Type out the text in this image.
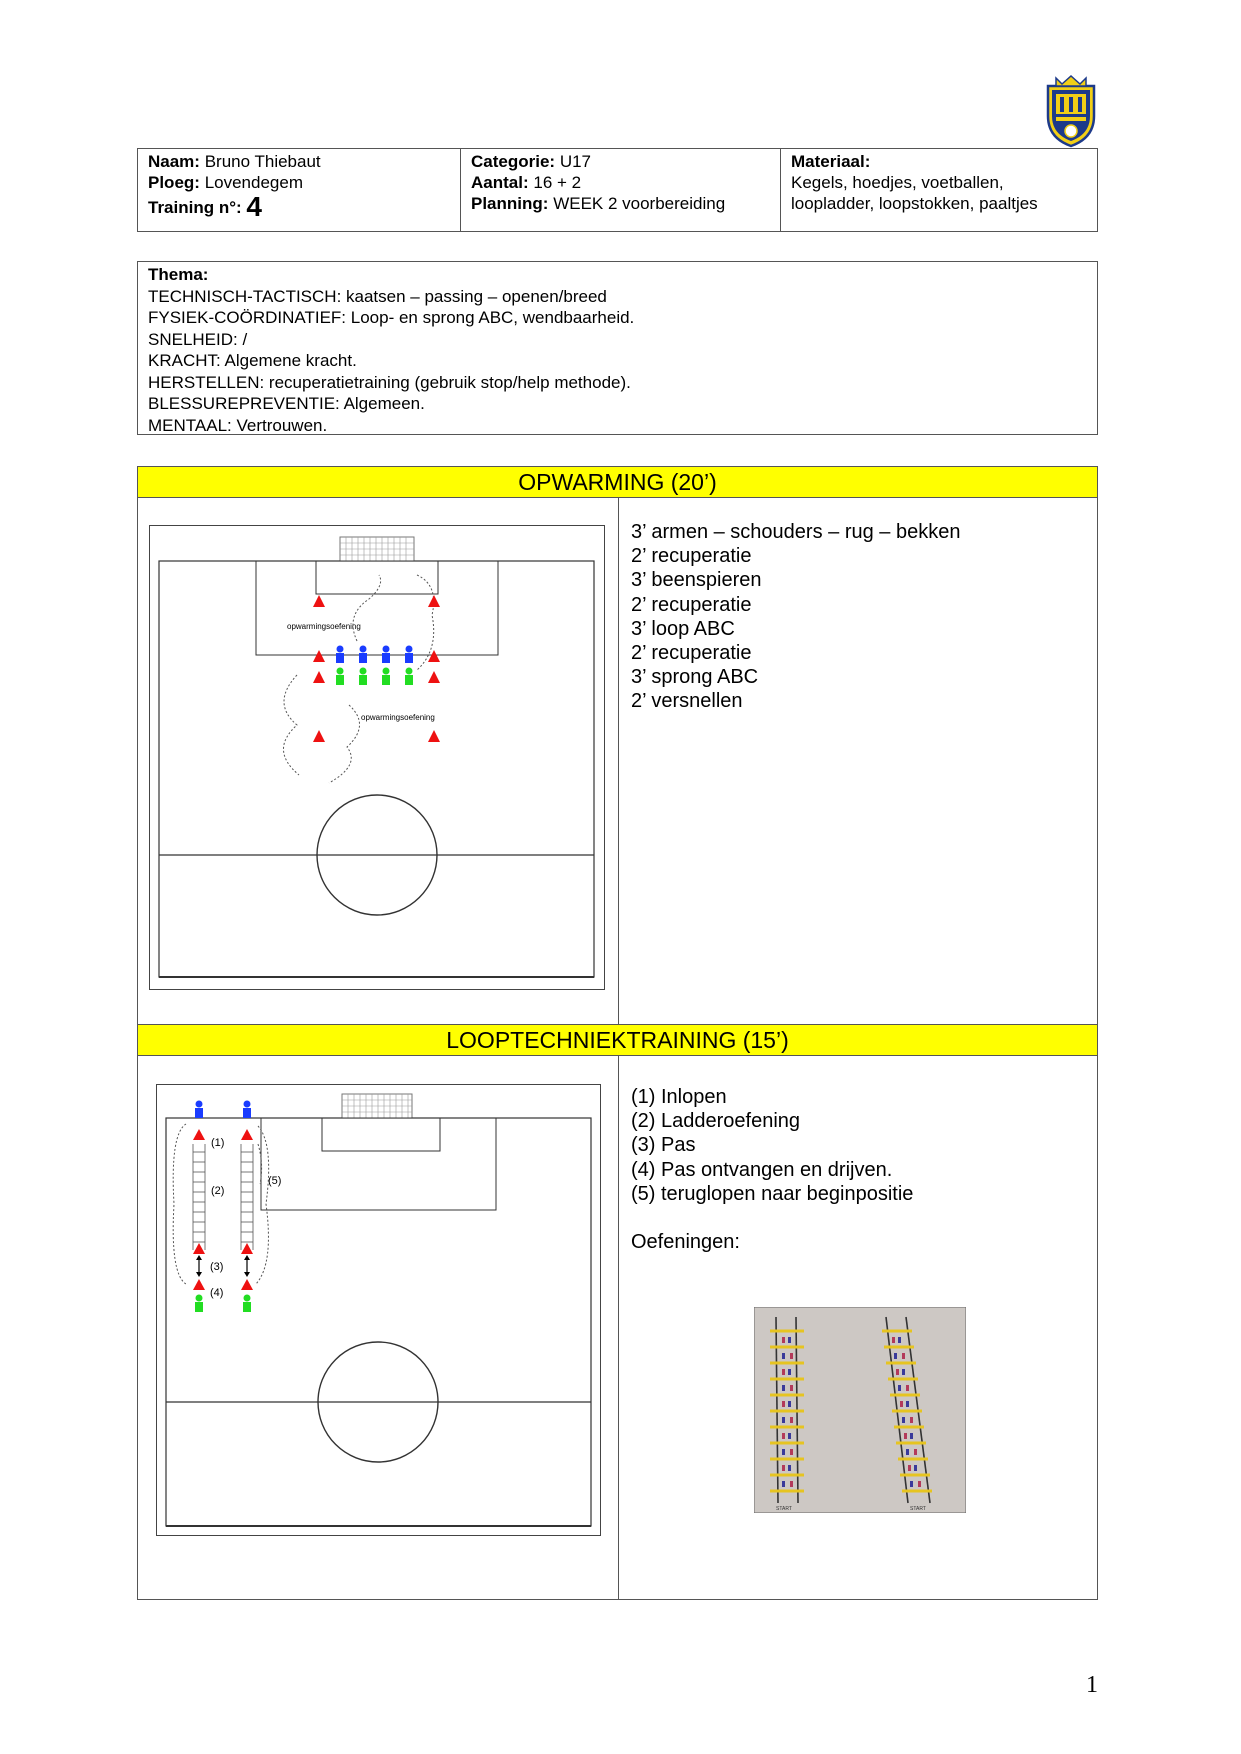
Naam: Bruno Thiebaut
Ploeg: Lovendegem
Training n°: 4
Categorie: U17
Aantal: 16 + 2
Planning: WEEK 2 voorbereiding
Materiaal:
Kegels, hoedjes, voetballen,
loopladder, loopstokken, paaltjes
Thema:
TECHNISCH-TACTISCH: kaatsen – passing – openen/breed
FYSIEK-COÖRDINATIEF: Loop- en sprong ABC, wendbaarheid.
SNELHEID: /
KRACHT: Algemene kracht.
HERSTELLEN: recuperatietraining (gebruik stop/help methode).
BLESSUREPREVENTIE: Algemeen.
MENTAAL: Vertrouwen.
OPWARMING (20’)
opwarmingsoefening
opwarmingsoefening
3’ armen – schouders – rug – bekken
2’ recuperatie
3’ beenspieren
2’ recuperatie
3’ loop ABC
2’ recuperatie
3’ sprong ABC
2’ versnellen
LOOPTECHNIEKTRAINING (15’)
(1)
(2)
(3)
(4)
(5)
(1) Inlopen
(2) Ladderoefening
(3) Pas
(4) Pas ontvangen en drijven.
(5) teruglopen naar beginpositie
Oefeningen:
START	START
1
